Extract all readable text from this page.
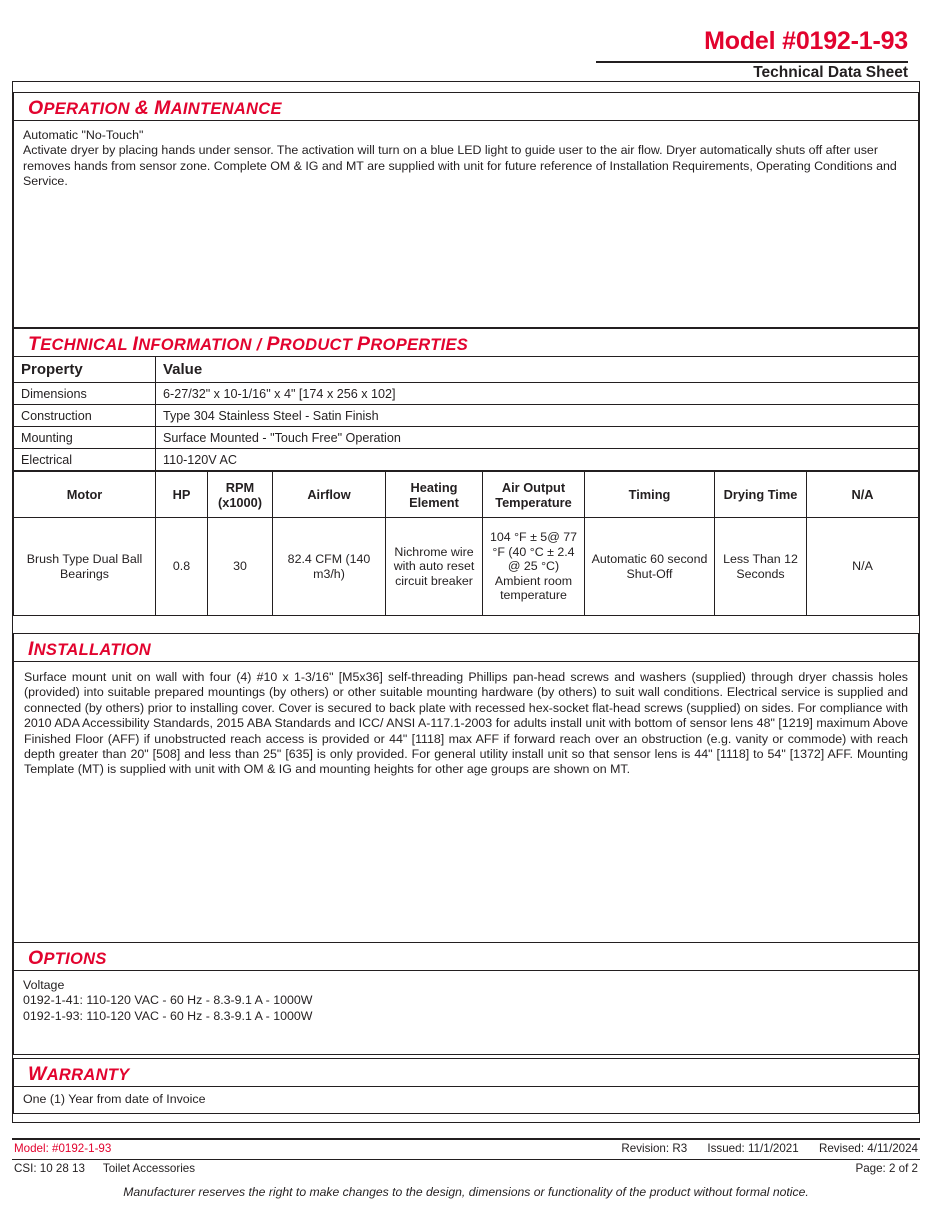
Model #0192-1-93
Technical Data Sheet
OPERATION & MAINTENANCE
Automatic "No-Touch"
Activate dryer by placing hands under sensor. The activation will turn on a blue LED light to guide user to the air flow. Dryer automatically shuts off after user removes hands from sensor zone. Complete OM & IG and MT are supplied with unit for future reference of Installation Requirements, Operating Conditions and Service.
TECHNICAL INFORMATION / PRODUCT PROPERTIES
Property	Value
Dimensions	6-27/32" x 10-1/16" x 4" [174 x 256 x 102]
Construction	Type 304 Stainless Steel - Satin Finish
Mounting	Surface Mounted - "Touch Free" Operation
Electrical	110-120V AC
Motor	HP	RPM (x1000)	Airflow	Heating Element	Air Output Temperature	Timing	Drying Time	N/A
Brush Type Dual Ball Bearings	0.8	30	82.4 CFM (140 m3/h)	Nichrome wire with auto reset circuit breaker	104 °F ± 5@ 77 °F (40 °C ± 2.4 @ 25 °C) Ambient room temperature	Automatic 60 second Shut-Off	Less Than 12 Seconds	N/A
INSTALLATION
Surface mount unit on wall with four (4) #10 x 1-3/16" [M5x36] self-threading Phillips pan-head screws and washers (supplied) through dryer chassis holes (provided) into suitable prepared mountings (by others) or other suitable mounting hardware (by others) to suit wall conditions. Electrical service is supplied and connected (by others) prior to installing cover. Cover is secured to back plate with recessed hex-socket flat-head screws (supplied) on sides. For compliance with 2010 ADA Accessibility Standards, 2015 ABA Standards and ICC/ ANSI A-117.1-2003 for adults install unit with bottom of sensor lens 48" [1219] maximum Above Finished Floor (AFF) if unobstructed reach access is provided or 44" [1118] max AFF if forward reach over an obstruction (e.g. vanity or commode) with reach depth greater than 20" [508] and less than 25" [635] is only provided. For general utility install unit so that sensor lens is 44" [1118] to 54" [1372] AFF. Mounting Template (MT) is supplied with unit with OM & IG and mounting heights for other age groups are shown on MT.
OPTIONS
Voltage
0192-1-41: 110-120 VAC - 60 Hz - 8.3-9.1 A - 1000W
0192-1-93: 110-120 VAC - 60 Hz - 8.3-9.1 A - 1000W
WARRANTY
One (1) Year from date of Invoice
Model: #0192-1-93	Revision: R3 Issued: 11/1/2021 Revised: 4/11/2024
CSI: 10 28 13 Toilet Accessories	Page: 2 of 2
Manufacturer reserves the right to make changes to the design, dimensions or functionality of the product without formal notice.
